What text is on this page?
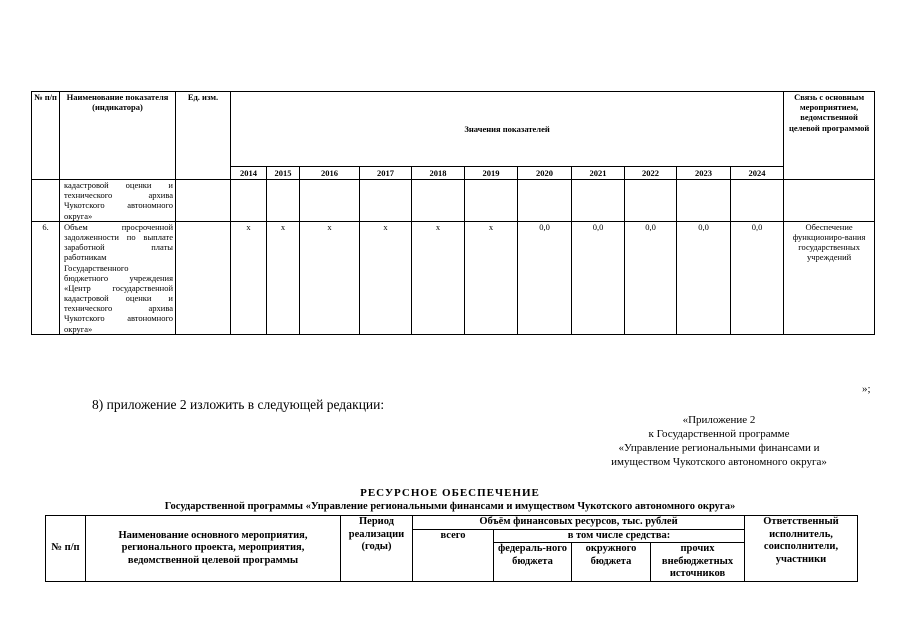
№ п/п	Наименование показателя (индикатора)	Ед. изм.	Значения показателей											Связь с основным мероприятием, ведомственной целевой программой
			2014	2015	2016	2017	2018	2019	2020	2021	2022	2023	2024	
	кадастровой оценки и технического архива Чукотского автономного округа»													
6.	Объем просроченной задолженности по выплате заработной платы работникам Государственного бюджетного учреждения «Центр государственной кадастровой оценки и технического архива Чукотского автономного округа»		х	х	х	х	х	х	0,0	0,0	0,0	0,0	0,0	Обеспечение функциониро-вания государственных учреждений
»;
8) приложение 2 изложить в следующей редакции:
«Приложение 2
к Государственной программе
«Управление региональными финансами и
имуществом Чукотского автономного округа»
РЕСУРСНОЕ ОБЕСПЕЧЕНИЕ
Государственной программы «Управление региональными финансами и имуществом Чукотского автономного округа»
№ п/п	Наименование основного мероприятия, регионального проекта, мероприятия, ведомственной целевой программы	Период реализации (годы)	Объём финансовых ресурсов, тыс. рублей				Ответственный исполнитель, соисполнители, участники
			всего	в том числе средства:			
				федераль-ного бюджета	окружного бюджета	прочих внебюджетных источников	
